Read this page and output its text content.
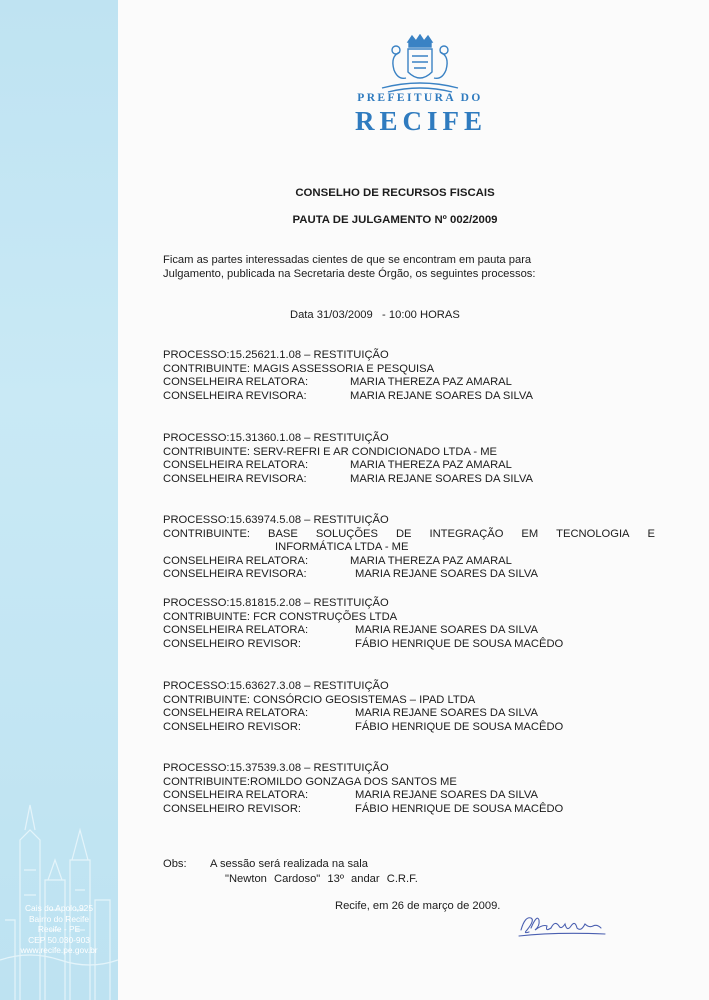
Cais do Apolo,925
Bairro do Recife
Recife - PE
CEP 50.030-903
www.recife.pe.gov.br
PREFEITURA DO
RECIFE
CONSELHO DE RECURSOS FISCAIS
PAUTA DE JULGAMENTO Nº 002/2009
Ficam as partes interessadas cientes de que se encontram em pauta para
Julgamento, publicada na Secretaria deste Órgão, os seguintes processos:
Data 31/03/2009   - 10:00 HORAS
PROCESSO:15.25621.1.08 – RESTITUIÇÃO
CONTRIBUINTE: MAGIS ASSESSORIA E PESQUISA
CONSELHEIRA RELATORA:	MARIA THEREZA PAZ AMARAL
CONSELHEIRA REVISORA:	MARIA REJANE SOARES DA SILVA
PROCESSO:15.31360.1.08 – RESTITUIÇÃO
CONTRIBUINTE: SERV-REFRI E AR CONDICIONADO LTDA - ME
CONSELHEIRA RELATORA:	MARIA THEREZA PAZ AMARAL
CONSELHEIRA REVISORA:	MARIA REJANE SOARES DA SILVA
PROCESSO:15.63974.5.08 – RESTITUIÇÃO
CONTRIBUINTE: BASE SOLUÇÕES DE INTEGRAÇÃO EM TECNOLOGIA E
INFORMÁTICA LTDA - ME
CONSELHEIRA RELATORA:	MARIA THEREZA PAZ AMARAL
CONSELHEIRA REVISORA:	MARIA REJANE SOARES DA SILVA
PROCESSO:15.81815.2.08 – RESTITUIÇÃO
CONTRIBUINTE: FCR CONSTRUÇÕES LTDA
CONSELHEIRA RELATORA:	MARIA REJANE SOARES DA SILVA
CONSELHEIRO REVISOR:	FÁBIO HENRIQUE DE SOUSA MACÊDO
PROCESSO:15.63627.3.08 – RESTITUIÇÃO
CONTRIBUINTE: CONSÓRCIO GEOSISTEMAS – IPAD LTDA
CONSELHEIRA RELATORA:	MARIA REJANE SOARES DA SILVA
CONSELHEIRO REVISOR:	FÁBIO HENRIQUE DE SOUSA MACÊDO
PROCESSO:15.37539.3.08 – RESTITUIÇÃO
CONTRIBUINTE:ROMILDO GONZAGA DOS SANTOS ME
CONSELHEIRA RELATORA:	MARIA REJANE SOARES DA SILVA
CONSELHEIRO REVISOR:	FÁBIO HENRIQUE DE SOUSA MACÊDO
Obs: A sessão será realizada na sala
"Newton Cardoso" 13º andar C.R.F.
Recife, em 26 de março de 2009.
